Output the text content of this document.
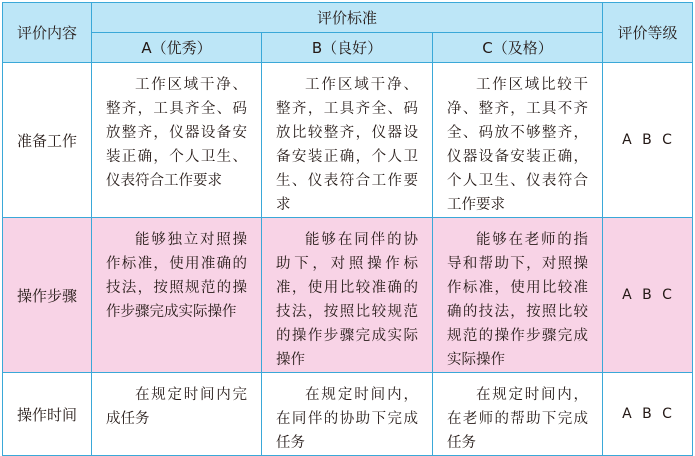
评价内容	评价标准			评价等级
	A（优秀）	B（良好）	C（及格）	
准备工作	工作区域干净、整齐，工具齐全、码放整齐，仪器设备安装正确，个人卫生、仪表符合工作要求	工作区域干净、整齐，工具齐全、码放比较整齐，仪器设备安装正确，个人卫生、仪表符合工作要求	工作区域比较干净、整齐，工具不齐全、码放不够整齐，仪器设备安装正确，个人卫生、仪表符合工作要求	A B C
操作步骤	能够独立对照操作标准，使用准确的技法，按照规范的操作步骤完成实际操作	能够在同伴的协助下，对照操作标准，使用比较准确的技法，按照比较规范的操作步骤完成实际操作	能够在老师的指导和帮助下，对照操作标准，使用比较准确的技法，按照比较规范的操作步骤完成实际操作	A B C
操作时间	在规定时间内完成任务	在规定时间内，在同伴的协助下完成任务	在规定时间内，在老师的帮助下完成任务	A B C
